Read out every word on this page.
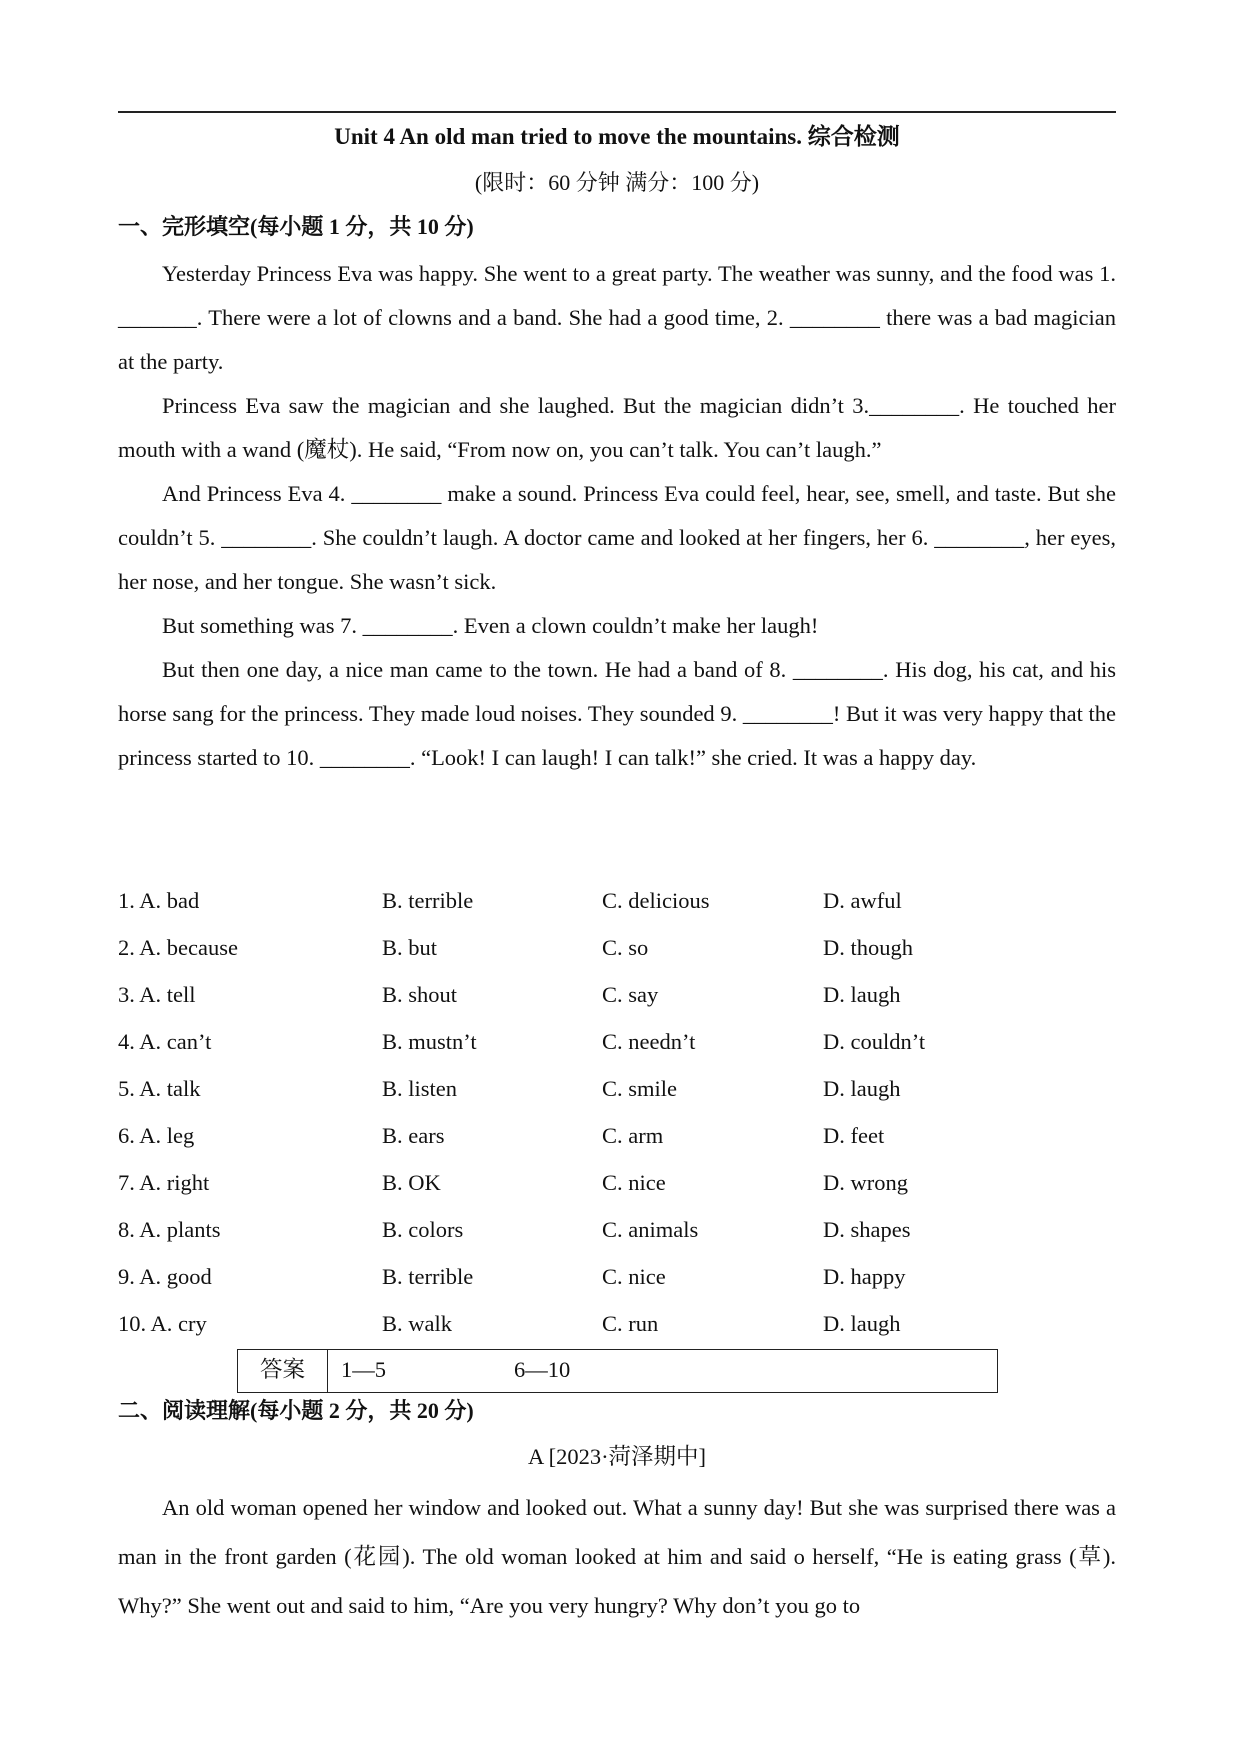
Unit 4 An old man tried to move the mountains. 综合检测
(限时：60 分钟 满分：100 分)
一、完形填空(每小题 1 分，共 10 分)

Yesterday Princess Eva was happy. She went to a great party. The weather was sunny, and the food was 1. _______. There were a lot of clowns and a band. She had a good time, 2. ________ there was a bad magician at the party.

Princess Eva saw the magician and she laughed. But the magician didn’t 3.________. He touched her mouth with a wand (魔杖). He said, “From now on, you can’t talk. You can’t laugh.”

And Princess Eva 4. ________ make a sound. Princess Eva could feel, hear, see, smell, and taste. But she couldn’t 5. ________. She couldn’t laugh. A doctor came and looked at her fingers, her 6. ________, her eyes, her nose, and her tongue. She wasn’t sick.

But something was 7. ________. Even a clown couldn’t make her laugh!

But then one day, a nice man came to the town. He had a band of 8. ________. His dog, his cat, and his horse sang for the princess. They made loud noises. They sounded 9. ________! But it was very happy that the princess started to 10. ________. “Look! I can laugh! I can talk!” she cried. It was a happy day.

1. A. bad	B. terrible	C. delicious	D. awful
2. A. because	B. but	C. so	D. though
3. A. tell	B. shout	C. say	D. laugh
4. A. can’t	B. mustn’t	C. needn’t	D. couldn’t
5. A. talk	B. listen	C. smile	D. laugh
6. A. leg	B. ears	C. arm	D. feet
7. A. right	B. OK	C. nice	D. wrong
8. A. plants	B. colors	C. animals	D. shapes
9. A. good	B. terrible	C. nice	D. happy
10. A. cry	B. walk	C. run	D. laugh
答案	1—5	6—10
二、阅读理解(每小题 2 分，共 20 分)
A [2023·菏泽期中]

An old woman opened her window and looked out. What a sunny day! But she was surprised there was a man in the front garden (花园). The old woman looked at him and said o herself, “He is eating grass (草). Why?” She went out and said to him, “Are you very hungry? Why don’t you go to
